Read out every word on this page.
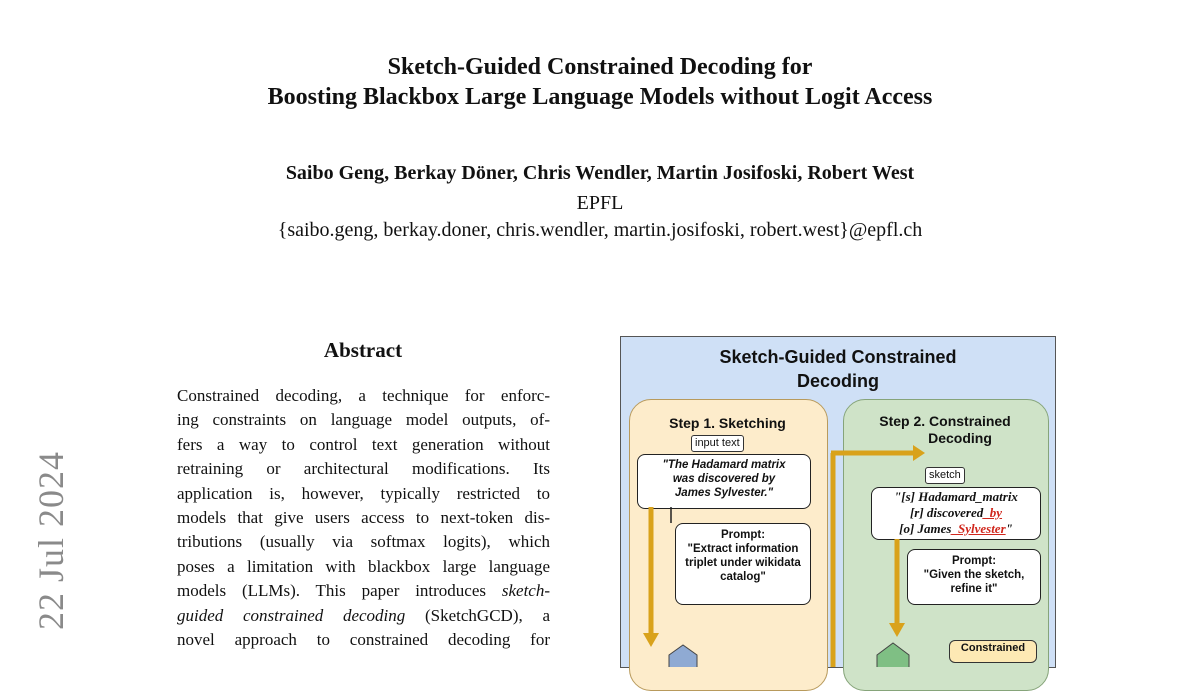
Sketch-Guided Constrained Decoding for
Boosting Blackbox Large Language Models without Logit Access
Saibo Geng, Berkay Döner, Chris Wendler, Martin Josifoski, Robert West
EPFL
{saibo.geng, berkay.doner, chris.wendler, martin.josifoski, robert.west}@epfl.ch
22 Jul 2024
Abstract
Constrained decoding, a technique for enforc-
ing constraints on language model outputs, of-
fers a way to control text generation without
retraining or architectural modifications. Its
application is, however, typically restricted to
models that give users access to next-token dis-
tributions (usually via softmax logits), which
poses a limitation with blackbox large language
models (LLMs). This paper introduces sketch-
guided constrained decoding (SketchGCD), a
novel approach to constrained decoding for
Sketch-Guided Constrained
Decoding
Step 1. Sketching
input text
"The Hadamard matrix
was discovered by
James Sylvester."
Prompt:
"Extract information
triplet under wikidata
catalog"
Step 2. Constrained
Decoding
sketch
"[s] Hadamard_matrix
[r] discovered_by
[o] James_Sylvester"
Prompt:
"Given the sketch,
refine it"
Constrained
